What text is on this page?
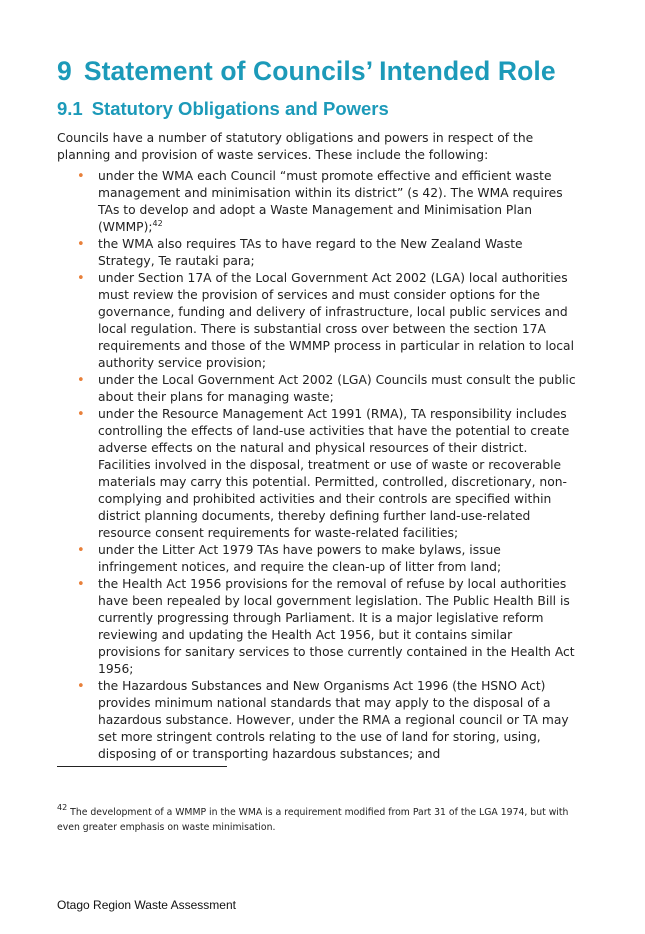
9 Statement of Councils’ Intended Role
9.1 Statutory Obligations and Powers

Councils have a number of statutory obligations and powers in respect of the planning and provision of waste services. These include the following:

• under the WMA each Council “must promote effective and efficient waste management and minimisation within its district” (s 42). The WMA requires TAs to develop and adopt a Waste Management and Minimisation Plan (WMMP);$^{42}$
• the WMA also requires TAs to have regard to the New Zealand Waste Strategy, Te rautaki para;
• under Section 17A of the Local Government Act 2002 (LGA) local authorities must review the provision of services and must consider options for the governance, funding and delivery of infrastructure, local public services and local regulation. There is substantial cross over between the section 17A requirements and those of the WMMP process in particular in relation to local authority service provision;
• under the Local Government Act 2002 (LGA) Councils must consult the public about their plans for managing waste;
• under the Resource Management Act 1991 (RMA), TA responsibility includes controlling the effects of land-use activities that have the potential to create adverse effects on the natural and physical resources of their district. Facilities involved in the disposal, treatment or use of waste or recoverable materials may carry this potential. Permitted, controlled, discretionary, non-complying and prohibited activities and their controls are specified within district planning documents, thereby defining further land-use-related resource consent requirements for waste-related facilities;
• under the Litter Act 1979 TAs have powers to make bylaws, issue infringement notices, and require the clean-up of litter from land;
• the Health Act 1956 provisions for the removal of refuse by local authorities have been repealed by local government legislation. The Public Health Bill is currently progressing through Parliament. It is a major legislative reform reviewing and updating the Health Act 1956, but it contains similar provisions for sanitary services to those currently contained in the Health Act 1956;
• the Hazardous Substances and New Organisms Act 1996 (the HSNO Act) provides minimum national standards that may apply to the disposal of a hazardous substance. However, under the RMA a regional council or TA may set more stringent controls relating to the use of land for storing, using, disposing of or transporting hazardous substances; and
$^{42}$ The development of a WMMP in the WMA is a requirement modified from Part 31 of the LGA 1974, but with even greater emphasis on waste minimisation.
Otago Region Waste Assessment
